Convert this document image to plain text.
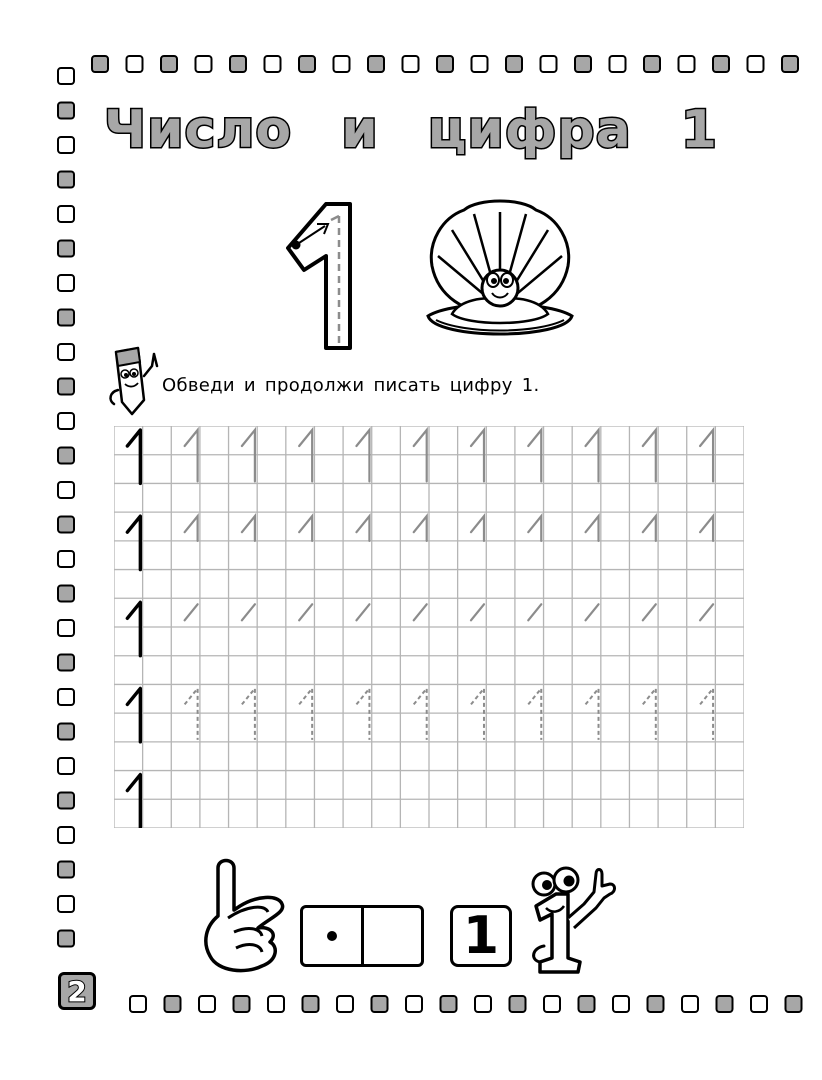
Число и цифра 1
Обведи и продолжи писать цифру 1.
1
2
